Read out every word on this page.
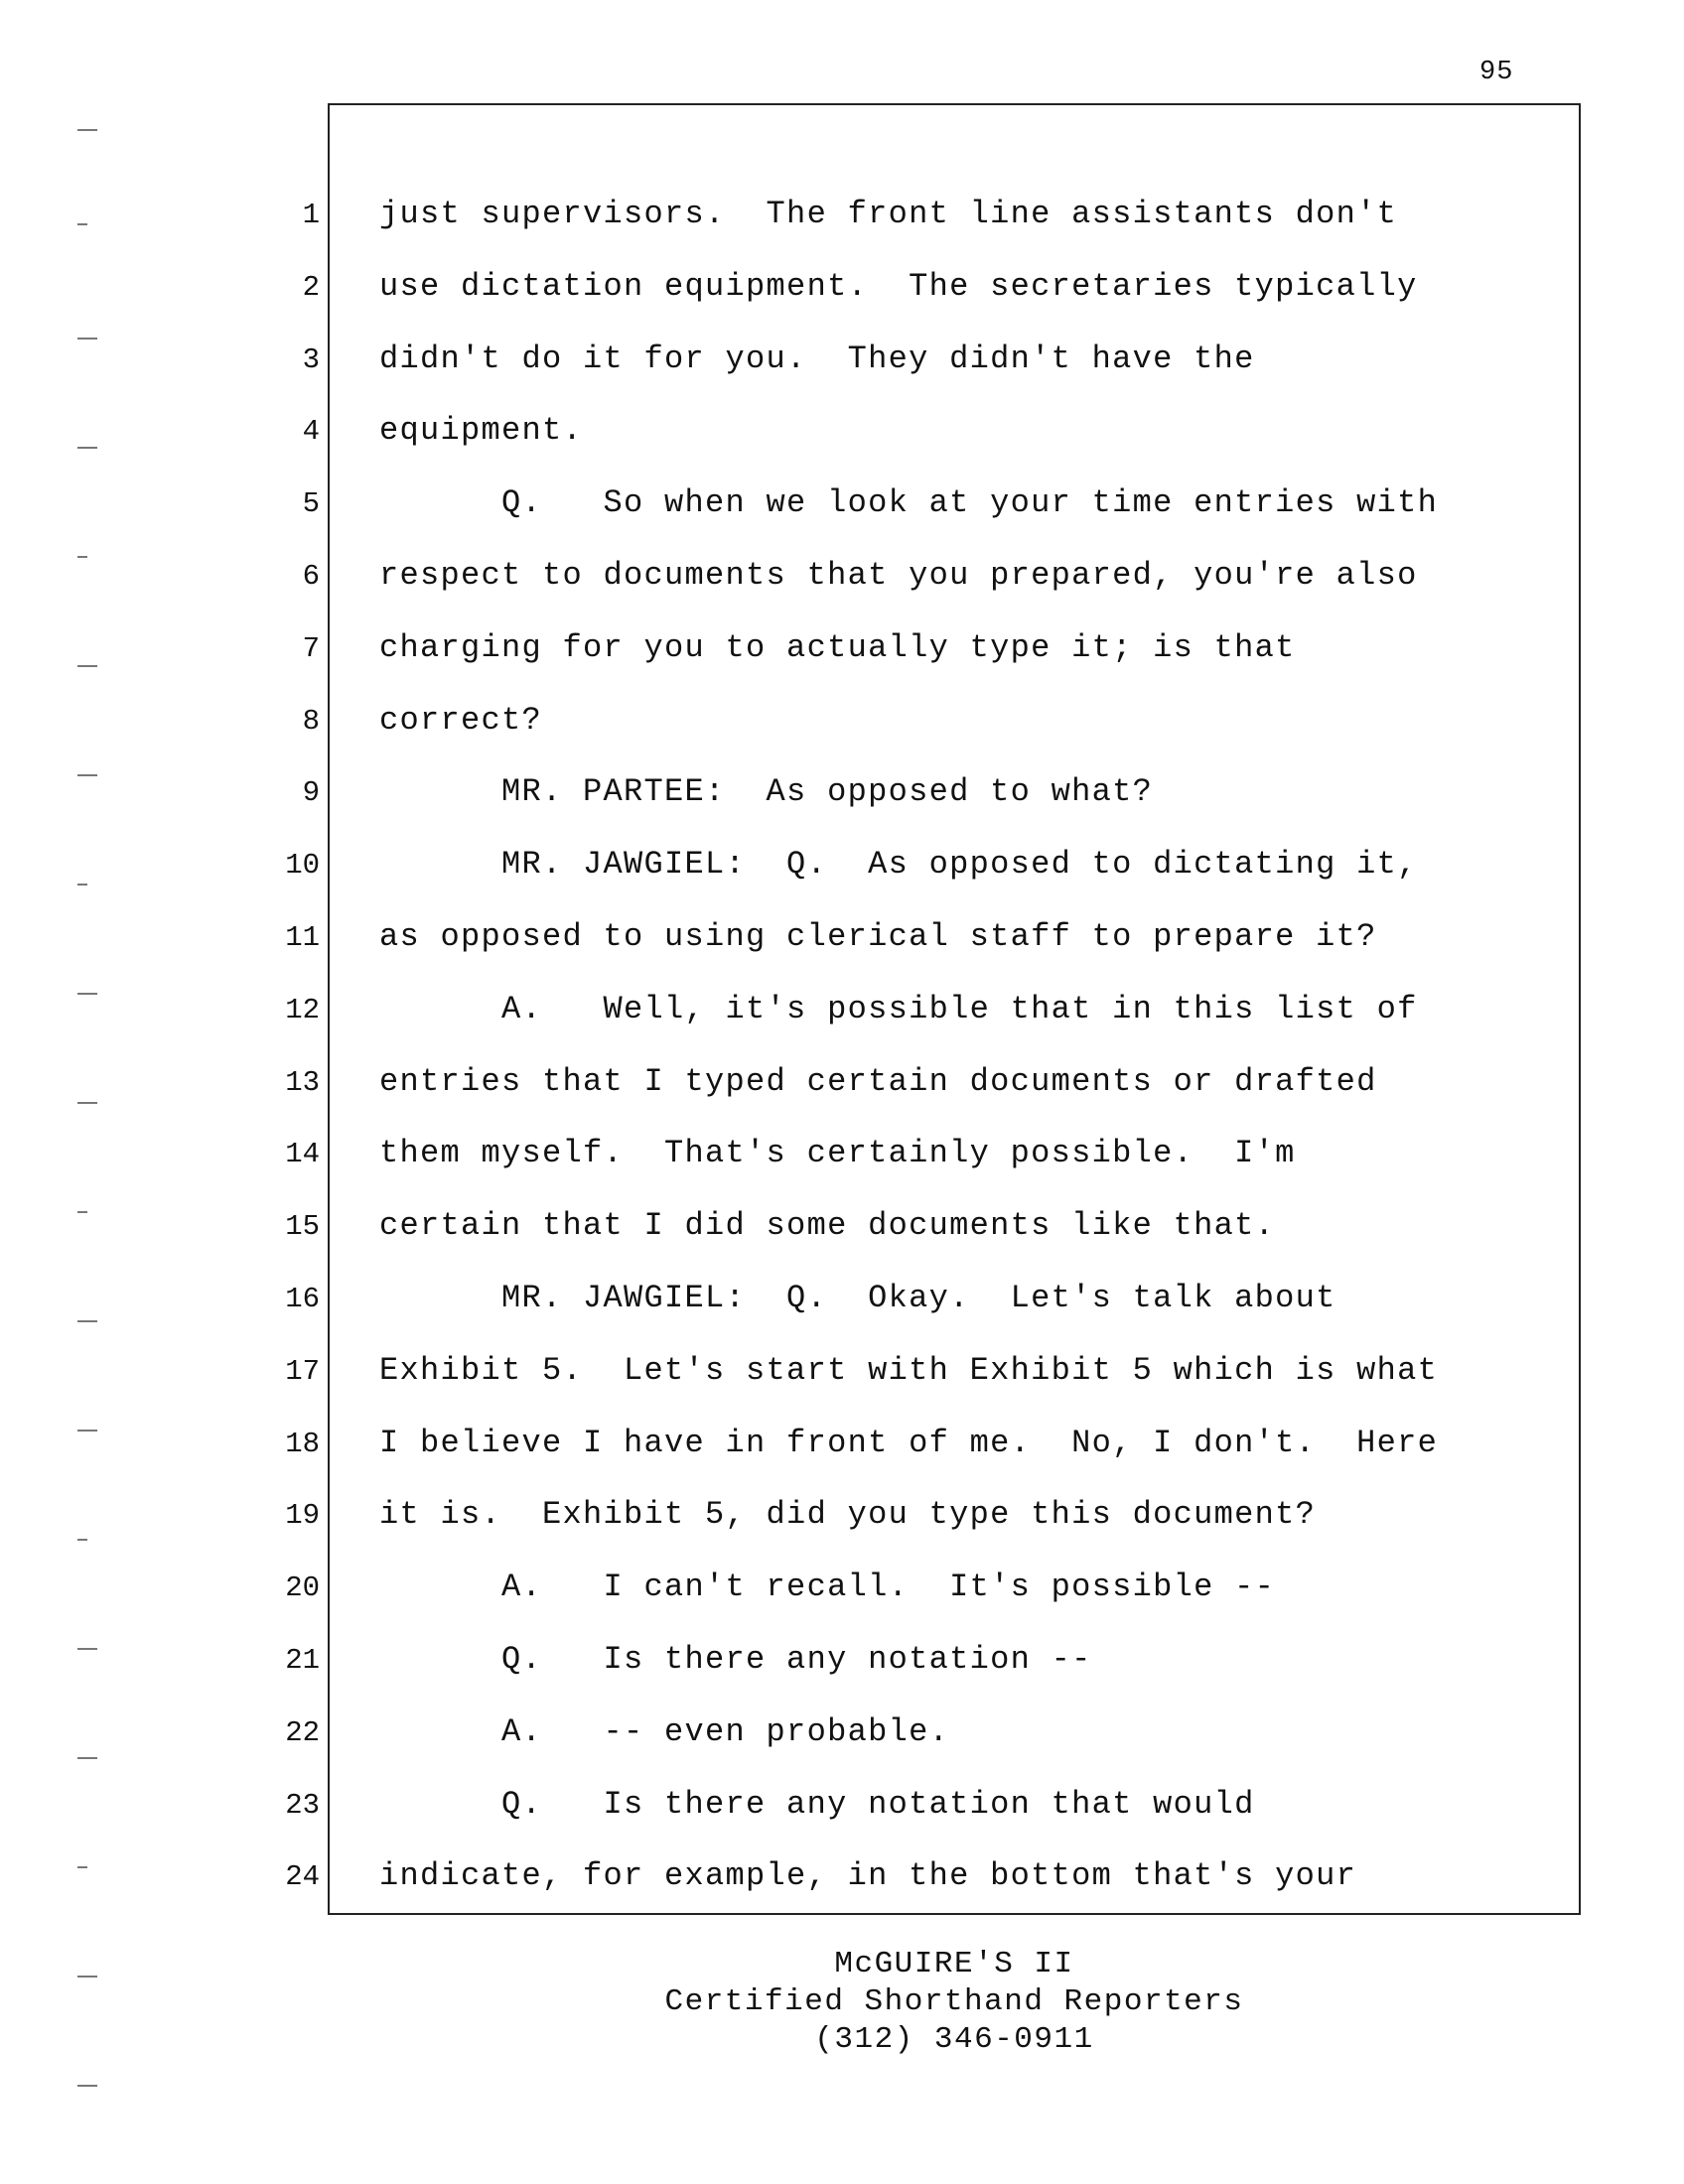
95
1
2
3
4
5
6
7
8
9
10
11
12
13
14
15
16
17
18
19
20
21
22
23
24
just supervisors.  The front line assistants don't
use dictation equipment.  The secretaries typically
didn't do it for you.  They didn't have the
equipment.
Q.   So when we look at your time entries with
respect to documents that you prepared, you're also
charging for you to actually type it; is that
correct?
MR. PARTEE:  As opposed to what?
MR. JAWGIEL:  Q.  As opposed to dictating it,
as opposed to using clerical staff to prepare it?
A.   Well, it's possible that in this list of
entries that I typed certain documents or drafted
them myself.  That's certainly possible.  I'm
certain that I did some documents like that.
MR. JAWGIEL:  Q.  Okay.  Let's talk about
Exhibit 5.  Let's start with Exhibit 5 which is what
I believe I have in front of me.  No, I don't.  Here
it is.  Exhibit 5, did you type this document?
A.   I can't recall.  It's possible --
Q.   Is there any notation --
A.   -- even probable.
Q.   Is there any notation that would
indicate, for example, in the bottom that's your
McGUIRE'S II
Certified Shorthand Reporters
(312) 346-0911
